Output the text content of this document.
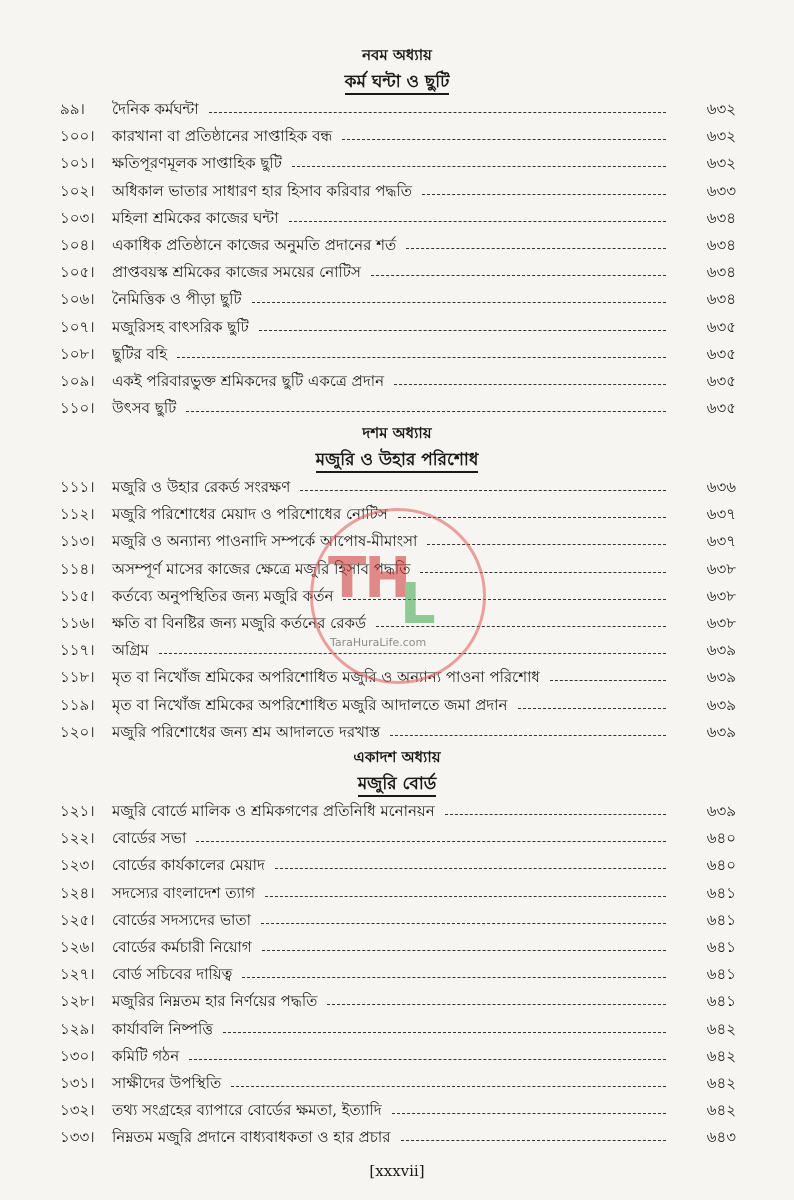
নবম অধ্যায়
কর্ম ঘন্টা ও ছুটি
৯৯।	দৈনিক কর্মঘন্টা	৬৩২
১০০।	কারখানা বা প্রতিষ্ঠানের সাপ্তাহিক বন্ধ	৬৩২
১০১।	ক্ষতিপূরণমূলক সাপ্তাহিক ছুটি	৬৩২
১০২।	অধিকাল ভাতার সাধারণ হার হিসাব করিবার পদ্ধতি	৬৩৩
১০৩।	মহিলা শ্রমিকের কাজের ঘন্টা	৬৩৪
১০৪।	একাধিক প্রতিষ্ঠানে কাজের অনুমতি প্রদানের শর্ত	৬৩৪
১০৫।	প্রাপ্তবয়স্ক শ্রমিকের কাজের সময়ের নোটিস	৬৩৪
১০৬।	নৈমিত্তিক ও পীড়া ছুটি	৬৩৪
১০৭।	মজুরিসহ বাৎসরিক ছুটি	৬৩৫
১০৮।	ছুটির বহি	৬৩৫
১০৯।	একই পরিবারভুক্ত শ্রমিকদের ছুটি একত্রে প্রদান	৬৩৫
১১০।	উৎসব ছুটি	৬৩৫
দশম অধ্যায়
মজুরি ও উহার পরিশোধ
১১১।	মজুরি ও উহার রেকর্ড সংরক্ষণ	৬৩৬
১১২।	মজুরি পরিশোধের মেয়াদ ও পরিশোধের নোটিস	৬৩৭
১১৩।	মজুরি ও অন্যান্য পাওনাদি সম্পর্কে আপোষ-মীমাংসা	৬৩৭
১১৪।	অসম্পূর্ণ মাসের কাজের ক্ষেত্রে মজুরি হিসাব পদ্ধতি	৬৩৮
১১৫।	কর্তব্যে অনুপস্থিতির জন্য মজুরি কর্তন	৬৩৮
১১৬।	ক্ষতি বা বিনষ্টির জন্য মজুরি কর্তনের রেকর্ড	৬৩৮
১১৭।	অগ্রিম	৬৩৯
১১৮।	মৃত বা নিখোঁজ শ্রমিকের অপরিশোধিত মজুরি ও অন্যান্য পাওনা পরিশোধ	৬৩৯
১১৯।	মৃত বা নিখোঁজ শ্রমিকের অপরিশোধিত মজুরি আদালতে জমা প্রদান	৬৩৯
১২০।	মজুরি পরিশোধের জন্য শ্রম আদালতে দরখাস্ত	৬৩৯
একাদশ অধ্যায়
মজুরি বোর্ড
১২১।	মজুরি বোর্ডে মালিক ও শ্রমিকগণের প্রতিনিধি মনোনয়ন	৬৩৯
১২২।	বোর্ডের সভা	৬৪০
১২৩।	বোর্ডের কার্যকালের মেয়াদ	৬৪০
১২৪।	সদস্যের বাংলাদেশ ত্যাগ	৬৪১
১২৫।	বোর্ডের সদস্যদের ভাতা	৬৪১
১২৬।	বোর্ডের কর্মচারী নিয়োগ	৬৪১
১২৭।	বোর্ড সচিবের দায়িত্ব	৬৪১
১২৮।	মজুরির নিম্নতম হার নির্ণয়ের পদ্ধতি	৬৪১
১২৯।	কার্যাবলি নিষ্পত্তি	৬৪২
১৩০।	কমিটি গঠন	৬৪২
১৩১।	সাক্ষীদের উপস্থিতি	৬৪২
১৩২।	তথ্য সংগ্রহের ব্যাপারে বোর্ডের ক্ষমতা, ইত্যাদি	৬৪২
১৩৩।	নিম্নতম মজুরি প্রদানে বাধ্যবাধকতা ও হার প্রচার	৬৪৩
[xxxvii]
TH
L
TaraHuraLife.com
